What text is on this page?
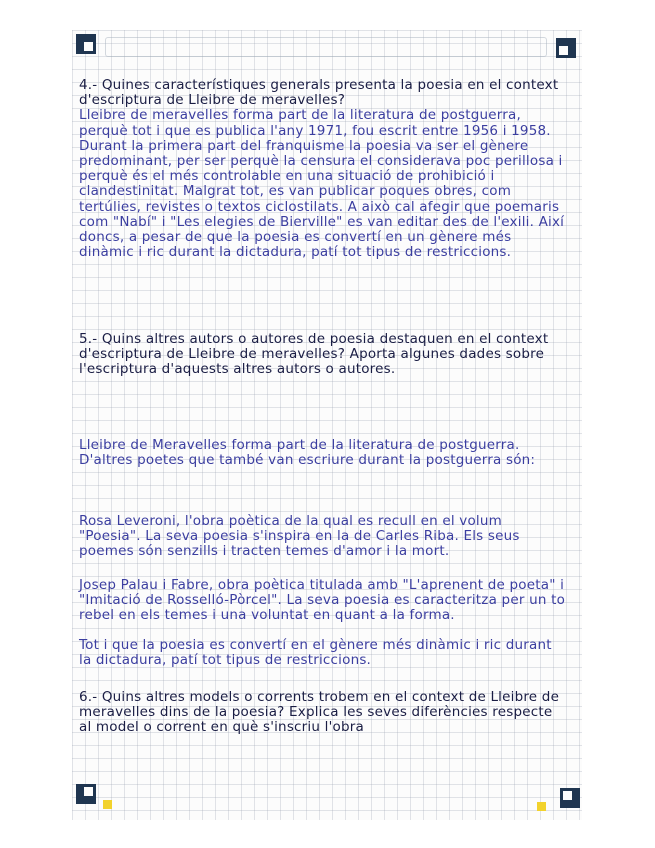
4.- Quines característiques generals presenta la poesia en el context d'escriptura de Lleibre de meravelles?

Lleibre de meravelles forma part de la literatura de postguerra, perquè tot i que es publica l'any 1971, fou escrit entre 1956 i 1958. Durant la primera part del franquisme la poesia va ser el gènere predominant, per ser perquè la censura el considerava poc perillosa i perquè és el més controlable en una situació de prohibició i clandestinitat. Malgrat tot, es van publicar poques obres, com tertúlies, revistes o textos ciclostilats. A això cal afegir que poemaris com "Nabí" i "Les elegies de Bierville" es van editar des de l'exili. Així doncs, a pesar de que la poesia es convertí en un gènere més dinàmic i ric durant la dictadura, patí tot tipus de restriccions.

5.- Quins altres autors o autores de poesia destaquen en el context d'escriptura de Lleibre de meravelles? Aporta algunes dades sobre l'escriptura d'aquests altres autors o autores.

Lleibre de Meravelles forma part de la literatura de postguerra. D'altres poetes que també van escriure durant la postguerra són:

Rosa Leveroni, l'obra poètica de la qual es recull en el volum "Poesia". La seva poesia s'inspira en la de Carles Riba. Els seus poemes són senzills i tracten temes d'amor i la mort.

Josep Palau i Fabre, obra poètica titulada amb "L'aprenent de poeta" i "Imitació de Rosselló-Pòrcel". La seva poesia es caracteritza per un to rebel en els temes i una voluntat en quant a la forma.

Tot i que la poesia es convertí en el gènere més dinàmic i ric durant la dictadura, patí tot tipus de restriccions.

6.- Quins altres models o corrents trobem en el context de Lleibre de meravelles dins de la poesia? Explica les seves diferències respecte al model o corrent en què s'inscriu l'obra
